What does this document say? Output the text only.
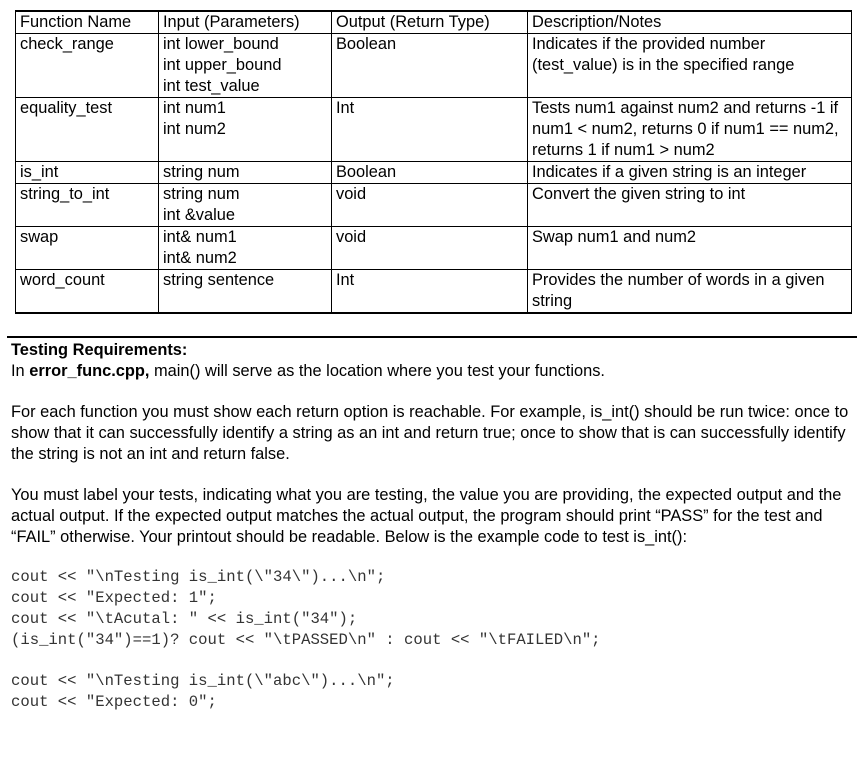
Function Name	Input (Parameters)	Output (Return Type)	Description/Notes
check_range	int lower_bound
int upper_bound
int test_value	Boolean	Indicates if the provided number (test_value) is in the specified range
equality_test	int num1
int num2	Int	Tests num1 against num2 and returns -1 if num1 < num2, returns 0 if num1 == num2, returns 1 if num1 > num2
is_int	string num	Boolean	Indicates if a given string is an integer
string_to_int	string num
int &value	void	Convert the given string to int
swap	int& num1
int& num2	void	Swap num1 and num2
word_count	string sentence	Int	Provides the number of words in a given string
Testing Requirements:
In error_func.cpp, main() will serve as the location where you test your functions.
For each function you must show each return option is reachable. For example, is_int() should be run twice: once to show that it can successfully identify a string as an int and return true; once to show that is can successfully identify the string is not an int and return false.
You must label your tests, indicating what you are testing, the value you are providing, the expected output and the actual output. If the expected output matches the actual output, the program should print “PASS” for the test and “FAIL” otherwise. Your printout should be readable. Below is the example code to test is_int():
cout << "\nTesting is_int(\"34\")...\n";
cout << "Expected: 1";
cout << "\tAcutal: " << is_int("34");
(is_int("34")==1)? cout << "\tPASSED\n" : cout << "\tFAILED\n";
cout << "\nTesting is_int(\"abc\")...\n";
cout << "Expected: 0";
